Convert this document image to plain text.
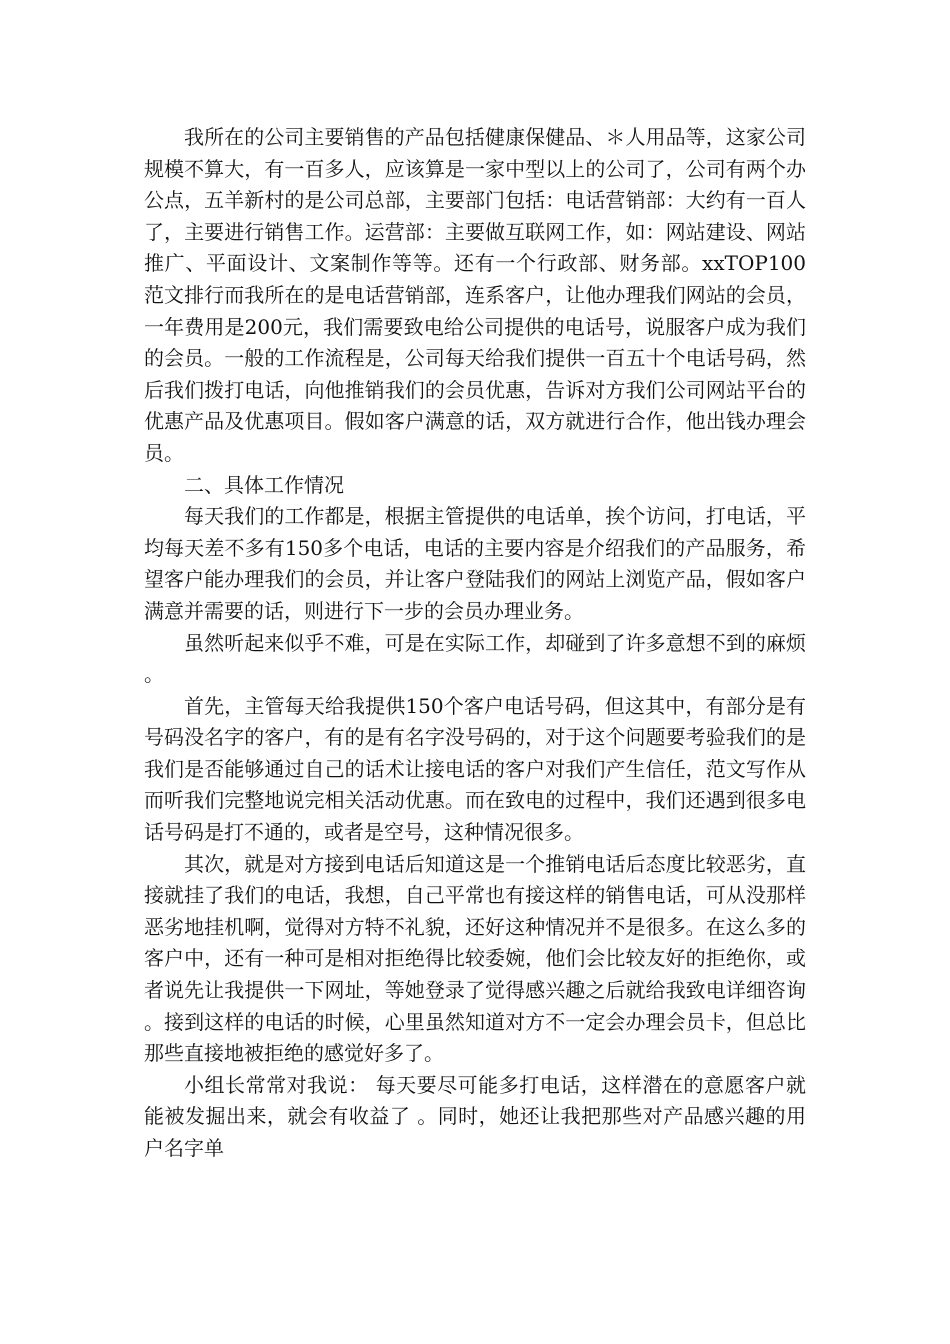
我所在的公司主要销售的产品包括健康保健品、＊人用品等，这家公司规模不算大，有一百多人，应该算是一家中型以上的公司了，公司有两个办公点，五羊新村的是公司总部，主要部门包括：电话营销部：大约有一百人了，主要进行销售工作。运营部：主要做互联网工作，如：网站建设、网站推广、平面设计、文案制作等等。还有一个行政部、财务部。xxTOP100范文排行而我所在的是电话营销部，连系客户，让他办理我们网站的会员，一年费用是200元，我们需要致电给公司提供的电话号，说服客户成为我们的会员。一般的工作流程是，公司每天给我们提供一百五十个电话号码，然后我们拨打电话，向他推销我们的会员优惠，告诉对方我们公司网站平台的优惠产品及优惠项目。假如客户满意的话，双方就进行合作，他出钱办理会员。

二、具体工作情况

每天我们的工作都是，根据主管提供的电话单，挨个访问，打电话，平均每天差不多有150多个电话，电话的主要内容是介绍我们的产品服务，希望客户能办理我们的会员，并让客户登陆我们的网站上浏览产品，假如客户满意并需要的话，则进行下一步的会员办理业务。

虽然听起来似乎不难，可是在实际工作，却碰到了许多意想不到的麻烦。

首先，主管每天给我提供150个客户电话号码，但这其中，有部分是有号码没名字的客户，有的是有名字没号码的，对于这个问题要考验我们的是我们是否能够通过自己的话术让接电话的客户对我们产生信任，范文写作从而听我们完整地说完相关活动优惠。而在致电的过程中，我们还遇到很多电话号码是打不通的，或者是空号，这种情况很多。

其次，就是对方接到电话后知道这是一个推销电话后态度比较恶劣，直接就挂了我们的电话，我想，自己平常也有接这样的销售电话，可从没那样恶劣地挂机啊，觉得对方特不礼貌，还好这种情况并不是很多。在这么多的客户中，还有一种可是相对拒绝得比较委婉，他们会比较友好的拒绝你，或者说先让我提供一下网址，等她登录了觉得感兴趣之后就给我致电详细咨询。接到这样的电话的时候，心里虽然知道对方不一定会办理会员卡，但总比那些直接地被拒绝的感觉好多了。

小组长常常对我说： 每天要尽可能多打电话，这样潜在的意愿客户就能被发掘出来，就会有收益了 。同时，她还让我把那些对产品感兴趣的用户名字单
